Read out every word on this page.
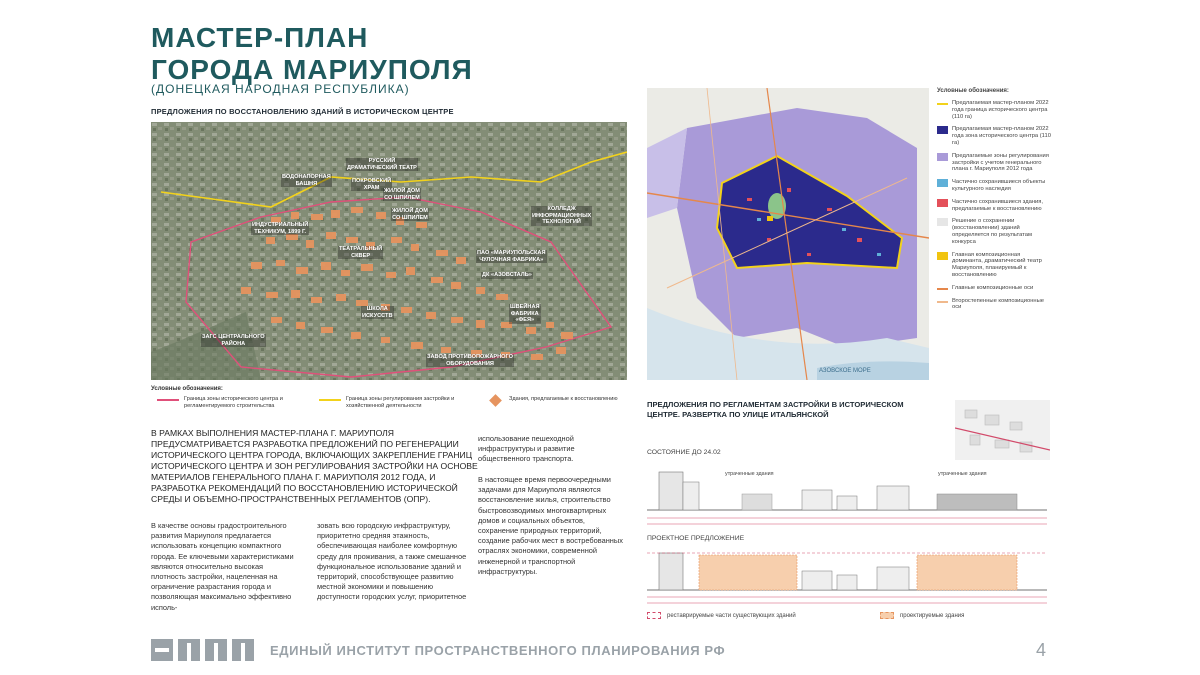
МАСТЕР-ПЛАН
ГОРОДА МАРИУПОЛЯ
(ДОНЕЦКАЯ НАРОДНАЯ РЕСПУБЛИКА)
ПРЕДЛОЖЕНИЯ ПО ВОССТАНОВЛЕНИЮ ЗДАНИЙ В ИСТОРИЧЕСКОМ ЦЕНТРЕ
РУССКИЙ
ДРАМАТИЧЕСКИЙ ТЕАТР
ВОДОНАПОРНАЯ
БАШНЯ	ПОКРОВСКИЙ
ХРАМ
ЖИЛОЙ ДОМ
СО ШПИЛЕМ
ЖИЛОЙ ДОМ
СО ШПИЛЕМ
КОЛЛЕДЖ
ИНФОРМАЦИОННЫХ
ТЕХНОЛОГИЙ
ИНДУСТРИАЛЬНЫЙ
ТЕХНИКУМ, 1899 Г.
ТЕАТРАЛЬНЫЙ
СКВЕР	ПАО «МАРИУПОЛЬСКАЯ
ЧУЛОЧНАЯ ФАБРИКА»
ДК «АЗОВСТАЛЬ»
ШВЕЙНАЯ
ФАБРИКА
«ФЕЯ»
ШКОЛА
ИСКУССТВ
ЗАГС ЦЕНТРАЛЬНОГО
РАЙОНА
ЗАВОД ПРОТИВОПОЖАРНОГО
ОБОРУДОВАНИЯ
Условные обозначения:
Граница зоны исторического центра и регламентируемого строительства
Граница зоны регулирования застройки и хозяйственной деятельности
Здания, предлагаемые к восстановлению
В РАМКАХ ВЫПОЛНЕНИЯ МАСТЕР-ПЛАНА Г. МАРИУПОЛЯ ПРЕДУСМАТРИВАЕТСЯ РАЗРАБОТКА ПРЕДЛОЖЕНИЙ ПО РЕГЕНЕРАЦИИ ИСТОРИЧЕСКОГО ЦЕНТРА ГОРОДА, ВКЛЮЧАЮЩИХ ЗАКРЕПЛЕНИЕ ГРАНИЦ ИСТОРИЧЕСКОГО ЦЕНТРА И ЗОН РЕГУЛИРОВАНИЯ ЗАСТРОЙКИ НА ОСНОВЕ МАТЕРИАЛОВ ГЕНЕРАЛЬНОГО ПЛАНА Г. МАРИУПОЛЯ 2012 ГОДА, И РАЗРАБОТКА РЕКОМЕНДАЦИЙ ПО ВОССТАНОВЛЕНИЮ ИСТОРИЧЕСКОЙ СРЕДЫ И ОБЪЕМНО-ПРОСТРАНСТВЕННЫХ РЕГЛАМЕНТОВ (ОПР).
В качестве основы градостроительного развития Мариуполя предлагается использовать концепцию компактного города. Ее ключевыми характеристиками являются относительно высокая плотность застройки, нацеленная на ограничение разрастания города и позволяющая максимально эффективно исполь-
зовать всю городскую инфраструктуру, приоритетно средняя этажность, обеспечивающая наиболее комфортную среду для проживания, а также смешанное функциональное использование зданий и территорий, способствующее развитию местной экономики и повышению доступности городских услуг, приоритетное
использование пешеходной инфраструктуры и развитие общественного транспорта.
В настоящее время первоочередными задачами для Мариуполя являются восстановление жилья, строительство быстровозводимых многоквартирных домов и социальных объектов, сохранение природных территорий, создание рабочих мест в востребованных отраслях экономики, современной инженерной и транспортной инфраструктуры.
АЗОВСКОЕ МОРЕ
Условные обозначения:
Предлагаемая мастер-планом 2022 года граница исторического центра (110 га)
Предлагаемая мастер-планом 2022 года зона исторического центра (110 га)
Предлагаемые зоны регулирования застройки с учетом генерального плана г. Мариуполя 2012 года
Частично сохранившиеся объекты культурного наследия
Частично сохранившиеся здания, предлагаемые к восстановлению
Решение о сохранении (восстановлении) зданий определяется по результатам конкурса
Главная композиционная доминанта, драматический театр Мариуполя, планируемый к восстановлению
Главные композиционные оси
Второстепенные композиционные оси
ПРЕДЛОЖЕНИЯ ПО РЕГЛАМЕНТАМ ЗАСТРОЙКИ В ИСТОРИЧЕСКОМ ЦЕНТРЕ. РАЗВЕРТКА ПО УЛИЦЕ ИТАЛЬЯНСКОЙ
СОСТОЯНИЕ ДО 24.02
утраченные здания	утраченные здания
ПРОЕКТНОЕ ПРЕДЛОЖЕНИЕ
реставрируемые части существующих зданий	проектируемые здания
ЕДИНЫЙ ИНСТИТУТ ПРОСТРАНСТВЕННОГО ПЛАНИРОВАНИЯ РФ	4
